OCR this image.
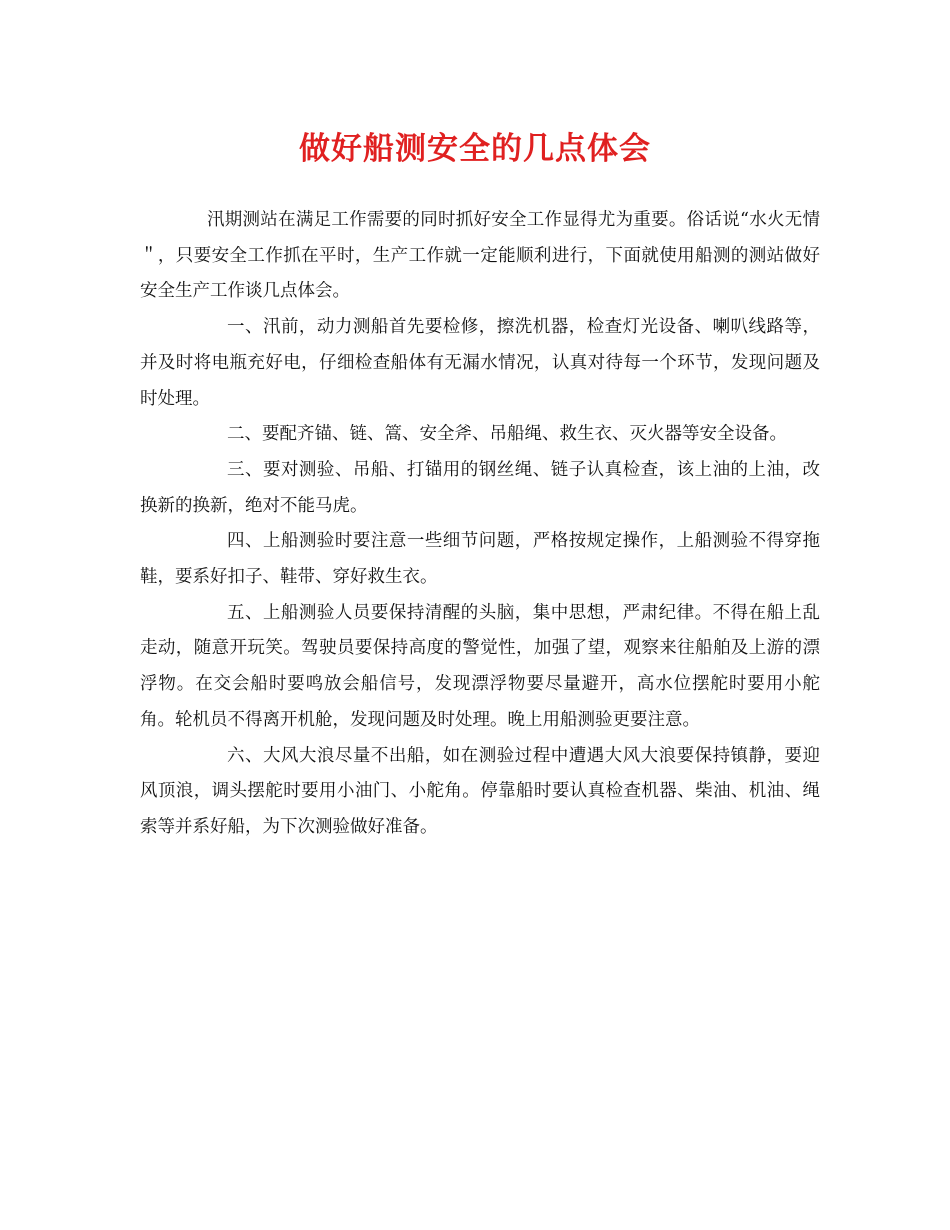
做好船测安全的几点体会

汛期测站在满足工作需要的同时抓好安全工作显得尤为重要。俗话说“水火无情＂，只要安全工作抓在平时，生产工作就一定能顺利进行，下面就使用船测的测站做好安全生产工作谈几点体会。

一、汛前，动力测船首先要检修，擦洗机器，检查灯光设备、喇叭线路等，并及时将电瓶充好电，仔细检查船体有无漏水情况，认真对待每一个环节，发现问题及时处理。

二、要配齐锚、链、篙、安全斧、吊船绳、救生衣、灭火器等安全设备。

三、要对测验、吊船、打锚用的钢丝绳、链子认真检查，该上油的上油，改换新的换新，绝对不能马虎。

四、上船测验时要注意一些细节问题，严格按规定操作，上船测验不得穿拖鞋，要系好扣子、鞋带、穿好救生衣。

五、上船测验人员要保持清醒的头脑，集中思想，严肃纪律。不得在船上乱走动，随意开玩笑。驾驶员要保持高度的警觉性，加强了望，观察来往船舶及上游的漂浮物。在交会船时要鸣放会船信号，发现漂浮物要尽量避开，高水位摆舵时要用小舵角。轮机员不得离开机舱，发现问题及时处理。晚上用船测验更要注意。

六、大风大浪尽量不出船，如在测验过程中遭遇大风大浪要保持镇静，要迎风顶浪，调头摆舵时要用小油门、小舵角。停靠船时要认真检查机器、柴油、机油、绳索等并系好船，为下次测验做好准备。
